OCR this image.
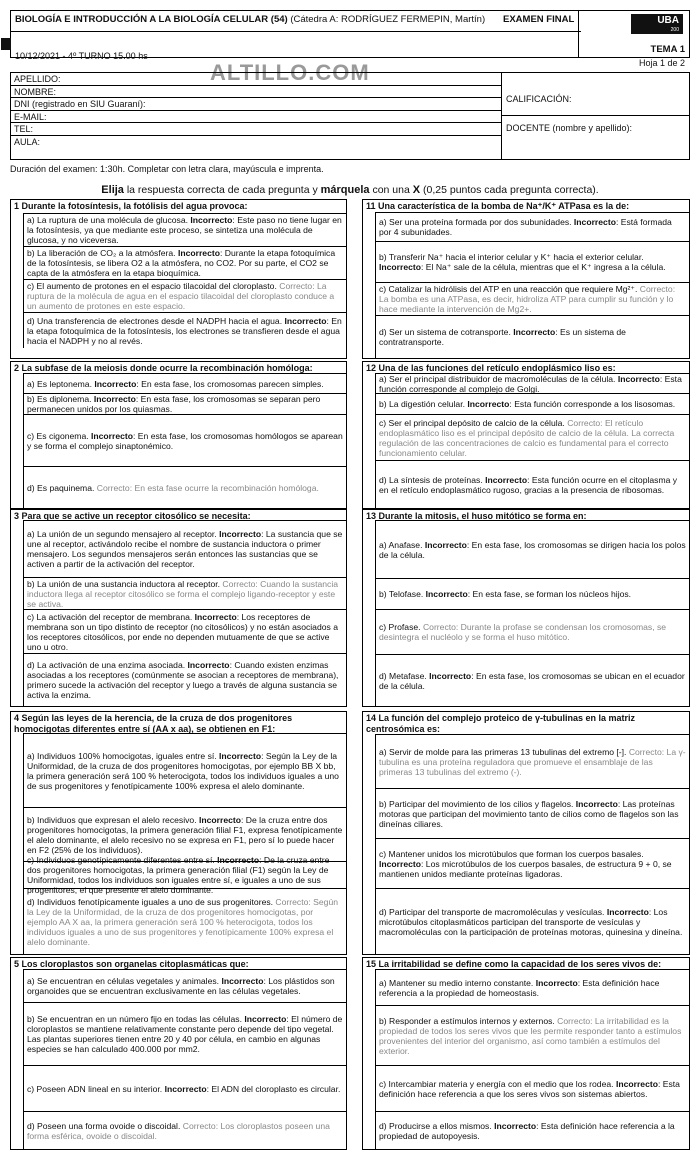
BIOLOGÍA E INTRODUCCIÓN A LA BIOLOGÍA CELULAR (54) (Cátedra A: RODRÍGUEZ FERMEPIN, Martín) EXAMEN FINAL
10/12/2021 - 4º TURNO 15.00 hs
UBA
200
TEMA 1
Hoja 1 de 2
ALTILLO.COM
APELLIDO:
NOMBRE:
DNI (registrado en SIU Guaraní):
E-MAIL:
TEL:
AULA:
CALIFICACIÓN:
DOCENTE (nombre y apellido):
Duración del examen: 1:30h. Completar con letra clara, mayúscula e imprenta.
Elija la respuesta correcta de cada pregunta y márquela con una X (0,25 puntos cada pregunta correcta).
1 Durante la fotosíntesis, la fotólisis del agua provoca:
a) La ruptura de una molécula de glucosa. Incorrecto: Este paso no tiene lugar en la fotosíntesis, ya que mediante este proceso, se sintetiza una molécula de glucosa, y no viceversa.
b) La liberación de CO₂ a la atmósfera. Incorrecto: Durante la etapa fotoquímica de la fotosíntesis, se libera O2 a la atmósfera, no CO2. Por su parte, el CO2 se capta de la atmósfera en la etapa bioquímica.
c) El aumento de protones en el espacio tilacoidal del cloroplasto. Correcto: La ruptura de la molécula de agua en el espacio tilacoidal del cloroplasto conduce a un aumento de protones en este espacio.
d) Una transferencia de electrones desde el NADPH hacia el agua. Incorrecto: En la etapa fotoquímica de la fotosíntesis, los electrones se transfieren desde el agua hacia el NADPH y no al revés.
2 La subfase de la meiosis donde ocurre la recombinación homóloga:
a) Es leptonema. Incorrecto: En esta fase, los cromosomas parecen simples.
b) Es diplonema. Incorrecto: En esta fase, los cromosomas se separan pero permanecen unidos por los quiasmas.
c) Es cigonema. Incorrecto: En esta fase, los cromosomas homólogos se aparean y se forma el complejo sinaptonémico.
d) Es paquinema. Correcto: En esta fase ocurre la recombinación homóloga.
3 Para que se active un receptor citosólico se necesita:
a) La unión de un segundo mensajero al receptor. Incorrecto: La sustancia que se une al receptor, activándolo recibe el nombre de sustancia inductora o primer mensajero. Los segundos mensajeros serán entonces las sustancias que se activen a partir de la activación del receptor.
b) La unión de una sustancia inductora al receptor. Correcto: Cuando la sustancia inductora llega al receptor citosólico se forma el complejo ligando-receptor y este se activa.
c) La activación del receptor de membrana. Incorrecto: Los receptores de membrana son un tipo distinto de receptor (no citosólicos) y no están asociados a los receptores citosólicos, por ende no dependen mutuamente de que se active uno u otro.
d) La activación de una enzima asociada. Incorrecto: Cuando existen enzimas asociadas a los receptores (comúnmente se asocian a receptores de membrana), primero sucede la activación del receptor y luego a través de alguna sustancia se activa la enzima.
4 Según las leyes de la herencia, de la cruza de dos progenitores homocigotas diferentes entre sí (AA x aa), se obtienen en F1:
a) Individuos 100% homocigotas, iguales entre sí. Incorrecto: Según la Ley de la Uniformidad, de la cruza de dos progenitores homocigotas, por ejemplo BB X bb, la primera generación será 100 % heterocigota, todos los individuos iguales a uno de sus progenitores y fenotípicamente 100% expresa el alelo dominante.
b) Individuos que expresan el alelo recesivo. Incorrecto: De la cruza entre dos progenitores homocigotas, la primera generación filial F1, expresa fenotípicamente el alelo dominante, el alelo recesivo no se expresa en F1, pero sí lo puede hacer en F2 (25% de los individuos).
c) Individuos genotípicamente diferentes entre sí. Incorrecto: De la cruza entre dos progenitores homocigotas, la primera generación filial (F1) según la Ley de Uniformidad, todos los individuos son iguales entre sí, e iguales a uno de sus progenitores, el que presente el alelo dominante.
d) Individuos fenotípicamente iguales a uno de sus progenitores. Correcto: Según la Ley de la Uniformidad, de la cruza de dos progenitores homocigotas, por ejemplo AA X aa, la primera generación será 100 % heterocigota, todos los individuos iguales a uno de sus progenitores y fenotípicamente 100% expresa el alelo dominante.
5 Los cloroplastos son organelas citoplasmáticas que:
a) Se encuentran en células vegetales y animales. Incorrecto: Los plástidos son organoides que se encuentran exclusivamente en las células vegetales.
b) Se encuentran en un número fijo en todas las células. Incorrecto: El número de cloroplastos se mantiene relativamente constante pero depende del tipo vegetal. Las plantas superiores tienen entre 20 y 40 por célula, en cambio en algunas especies se han calculado 400.000 por mm2.
c) Poseen ADN lineal en su interior. Incorrecto: El ADN del cloroplasto es circular.
d) Poseen una forma ovoide o discoidal. Correcto: Los cloroplastos poseen una forma esférica, ovoide o discoidal.
11 Una característica de la bomba de Na⁺/K⁺ ATPasa es la de:
a) Ser una proteína formada por dos subunidades. Incorrecto: Está formada por 4 subunidades.
b) Transferir Na⁺ hacia el interior celular y K⁺ hacia el exterior celular. Incorrecto: El Na⁺ sale de la célula, mientras que el K⁺ ingresa a la célula.
c) Catalizar la hidrólisis del ATP en una reacción que requiere Mg²⁺. Correcto: La bomba es una ATPasa, es decir, hidroliza ATP para cumplir su función y lo hace mediante la intervención de Mg2+.
d) Ser un sistema de cotransporte. Incorrecto: Es un sistema de contratransporte.
12 Una de las funciones del retículo endoplásmico liso es:
a) Ser el principal distribuidor de macromoléculas de la célula. Incorrecto: Esta función corresponde al complejo de Golgi.
b) La digestión celular. Incorrecto: Esta función corresponde a los lisosomas.
c) Ser el principal depósito de calcio de la célula. Correcto: El retículo endoplasmático liso es el principal depósito de calcio de la célula. La correcta regulación de las concentraciones de calcio es fundamental para el correcto funcionamiento celular.
d) La síntesis de proteínas. Incorrecto: Esta función ocurre en el citoplasma y en el retículo endoplasmático rugoso, gracias a la presencia de ribosomas.
13 Durante la mitosis, el huso mitótico se forma en:
a) Anafase. Incorrecto: En esta fase, los cromosomas se dirigen hacia los polos de la célula.
b) Telofase. Incorrecto: En esta fase, se forman los núcleos hijos.
c) Profase. Correcto: Durante la profase se condensan los cromosomas, se desintegra el nucléolo y se forma el huso mitótico.
d) Metafase. Incorrecto: En esta fase, los cromosomas se ubican en el ecuador de la célula.
14 La función del complejo proteico de γ-tubulinas en la matriz centrosómica es:
a) Servir de molde para las primeras 13 tubulinas del extremo [-]. Correcto: La γ-tubulina es una proteína reguladora que promueve el ensamblaje de las primeras 13 tubulinas del extremo (-).
b) Participar del movimiento de los cilios y flagelos. Incorrecto: Las proteínas motoras que participan del movimiento tanto de cilios como de flagelos son las dineínas ciliares.
c) Mantener unidos los microtúbulos que forman los cuerpos basales. Incorrecto: Los microtúbulos de los cuerpos basales, de estructura 9 + 0, se mantienen unidos mediante proteínas ligadoras.
d) Participar del transporte de macromoléculas y vesículas. Incorrecto: Los microtúbulos citoplasmáticos participan del transporte de vesículas y macromoléculas con la participación de proteínas motoras, quinesina y dineína.
15 La irritabilidad se define como la capacidad de los seres vivos de:
a) Mantener su medio interno constante. Incorrecto: Esta definición hace referencia a la propiedad de homeostasis.
b) Responder a estímulos internos y externos. Correcto: La irritabilidad es la propiedad de todos los seres vivos que les permite responder tanto a estímulos provenientes del interior del organismo, así como también a estímulos del exterior.
c) Intercambiar materia y energía con el medio que los rodea. Incorrecto: Esta definición hace referencia a que los seres vivos son sistemas abiertos.
d) Producirse a ellos mismos. Incorrecto: Esta definición hace referencia a la propiedad de autopoyesis.
